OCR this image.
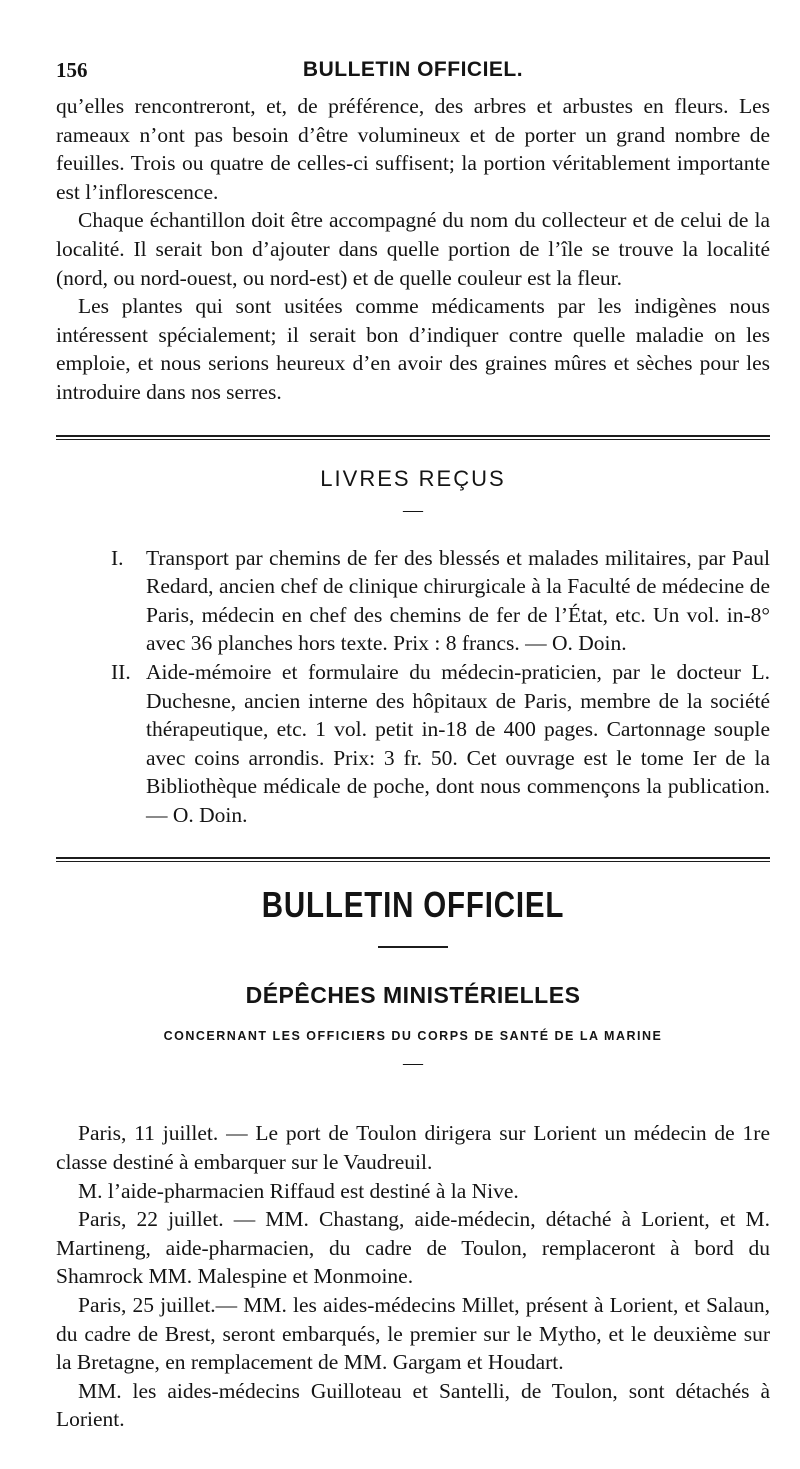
156	BULLETIN OFFICIEL.

qu’elles rencontreront, et, de préférence, des arbres et arbustes en fleurs. Les rameaux n’ont pas besoin d’être volumineux et de porter un grand nombre de feuilles. Trois ou quatre de celles-ci suffisent; la portion véritablement importante est l’inflorescence.

Chaque échantillon doit être accompagné du nom du collecteur et de celui de la localité. Il serait bon d’ajouter dans quelle portion de l’île se trouve la localité (nord, ou nord-ouest, ou nord-est) et de quelle couleur est la fleur.

Les plantes qui sont usitées comme médicaments par les indigènes nous intéressent spécialement; il serait bon d’indiquer contre quelle maladie on les emploie, et nous serions heureux d’en avoir des graines mûres et sèches pour les introduire dans nos serres.

LIVRES REÇUS
—
I. Transport par chemins de fer des blessés et malades militaires, par Paul Redard, ancien chef de clinique chirurgicale à la Faculté de médecine de Paris, médecin en chef des chemins de fer de l’État, etc. Un vol. in-8° avec 36 planches hors texte. Prix : 8 francs. — O. Doin.

II. Aide-mémoire et formulaire du médecin-praticien, par le docteur L. Duchesne, ancien interne des hôpitaux de Paris, membre de la société thérapeutique, etc. 1 vol. petit in-18 de 400 pages. Cartonnage souple avec coins arrondis. Prix: 3 fr. 50. Cet ouvrage est le tome Ier de la Bibliothèque médicale de poche, dont nous commençons la publication. — O. Doin.

BULLETIN OFFICIEL
DÉPÊCHES MINISTÉRIELLES
CONCERNANT LES OFFICIERS DU CORPS DE SANTÉ DE LA MARINE
—

Paris, 11 juillet. — Le port de Toulon dirigera sur Lorient un médecin de 1re classe destiné à embarquer sur le Vaudreuil.

M. l’aide-pharmacien Riffaud est destiné à la Nive.

Paris, 22 juillet. — MM. Chastang, aide-médecin, détaché à Lorient, et M. Martineng, aide-pharmacien, du cadre de Toulon, remplaceront à bord du Shamrock MM. Malespine et Monmoine.

Paris, 25 juillet.— MM. les aides-médecins Millet, présent à Lorient, et Salaun, du cadre de Brest, seront embarqués, le premier sur le Mytho, et le deuxième sur la Bretagne, en remplacement de MM. Gargam et Houdart.

MM. les aides-médecins Guilloteau et Santelli, de Toulon, sont détachés à Lorient.
